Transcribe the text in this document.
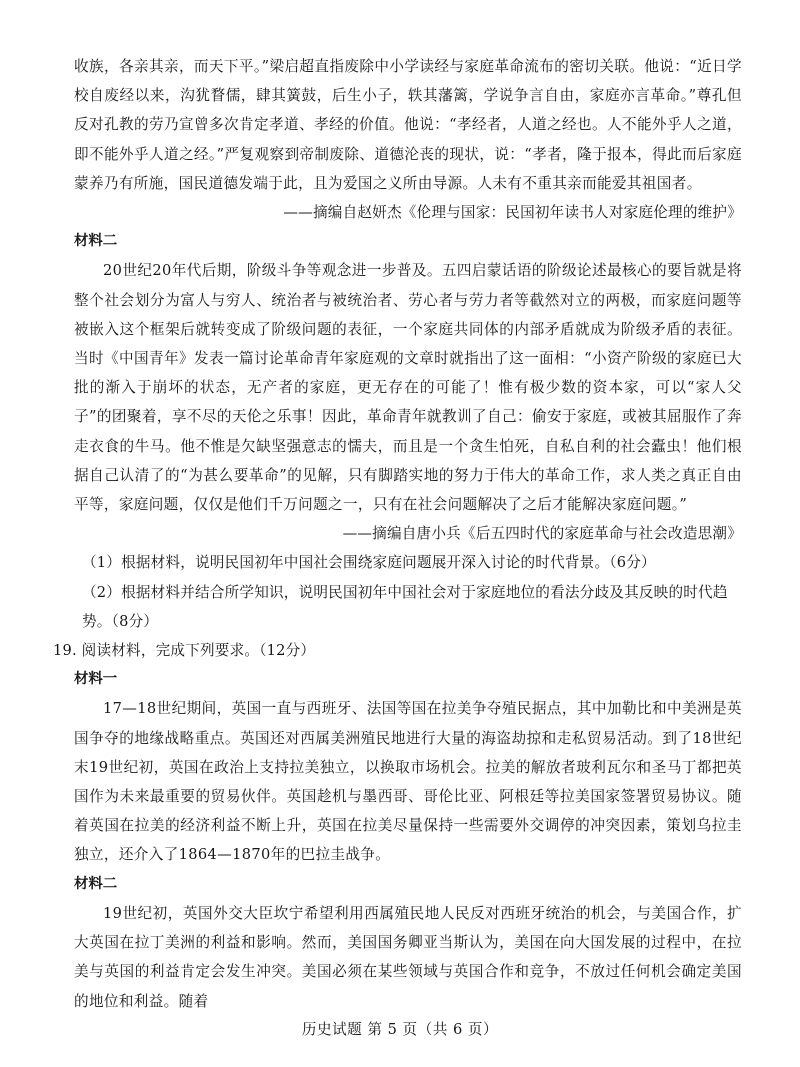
收族，各亲其亲，而天下平。”梁启超直指废除中小学读经与家庭革命流布的密切关联。他说：“近日学校自废经以来，沟犹瞀儒，肆其簧鼓，后生小子，轶其藩篱，学说争言自由，家庭亦言革命。”尊孔但反对孔教的劳乃宣曾多次肯定孝道、孝经的价值。他说：“孝经者，人道之经也。人不能外乎人之道，即不能外乎人道之经。”严复观察到帝制废除、道德沦丧的现状，说：“孝者，隆于报本，得此而后家庭蒙养乃有所施，国民道德发端于此，且为爱国之义所由导源。人未有不重其亲而能爱其祖国者。

——摘编自赵妍杰《伦理与国家：民国初年读书人对家庭伦理的维护》

材料二

20世纪20年代后期，阶级斗争等观念进一步普及。五四启蒙话语的阶级论述最核心的要旨就是将整个社会划分为富人与穷人、统治者与被统治者、劳心者与劳力者等截然对立的两极，而家庭问题等被嵌入这个框架后就转变成了阶级问题的表征，一个家庭共同体的内部矛盾就成为阶级矛盾的表征。当时《中国青年》发表一篇讨论革命青年家庭观的文章时就指出了这一面相：“小资产阶级的家庭已大批的渐入于崩坏的状态，无产者的家庭，更无存在的可能了！惟有极少数的资本家，可以“家人父子”的团聚着，享不尽的天伦之乐事！因此，革命青年就教训了自己：偷安于家庭，或被其屈服作了奔走衣食的牛马。他不惟是欠缺坚强意志的懦夫，而且是一个贪生怕死，自私自利的社会蠹虫！他们根据自己认清了的“为甚么要革命”的见解，只有脚踏实地的努力于伟大的革命工作，求人类之真正自由平等，家庭问题，仅仅是他们千万问题之一，只有在社会问题解决了之后才能解决家庭问题。”

——摘编自唐小兵《后五四时代的家庭革命与社会改造思潮》

（1）根据材料，说明民国初年中国社会围绕家庭问题展开深入讨论的时代背景。（6分）

（2）根据材料并结合所学知识，说明民国初年中国社会对于家庭地位的看法分歧及其反映的时代趋势。（8分）

19. 阅读材料，完成下列要求。（12分）

材料一

17—18世纪期间，英国一直与西班牙、法国等国在拉美争夺殖民据点，其中加勒比和中美洲是英国争夺的地缘战略重点。英国还对西属美洲殖民地进行大量的海盗劫掠和走私贸易活动。到了18世纪末19世纪初，英国在政治上支持拉美独立，以换取市场机会。拉美的解放者玻利瓦尔和圣马丁都把英国作为未来最重要的贸易伙伴。英国趁机与墨西哥、哥伦比亚、阿根廷等拉美国家签署贸易协议。随着英国在拉美的经济利益不断上升，英国在拉美尽量保持一些需要外交调停的冲突因素，策划乌拉圭独立，还介入了1864—1870年的巴拉圭战争。

材料二

19世纪初，英国外交大臣坎宁希望利用西属殖民地人民反对西班牙统治的机会，与美国合作，扩大英国在拉丁美洲的利益和影响。然而，美国国务卿亚当斯认为，美国在向大国发展的过程中，在拉美与英国的利益肯定会发生冲突。美国必须在某些领域与英国合作和竞争，不放过任何机会确定美国的地位和利益。随着

历史试题 第 5 页（共 6 页）
